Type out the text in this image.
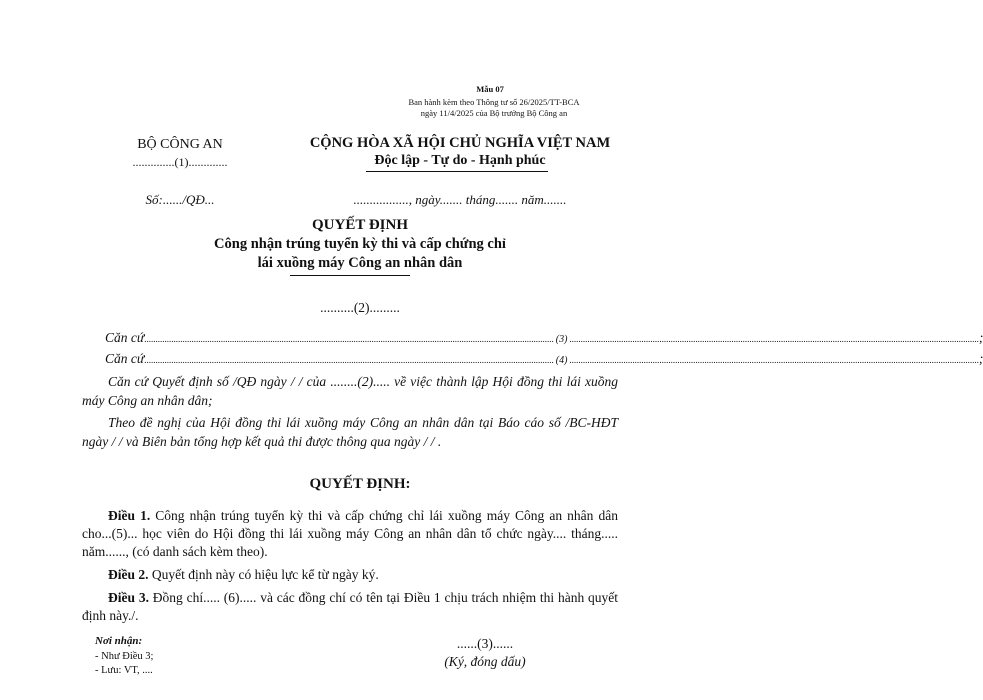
Mẫu 07
Ban hành kèm theo Thông tư số 26/2025/TT-BCA
ngày 11/4/2025 của Bộ trưởng Bộ Công an
BỘ CÔNG AN
..............(1).............
CỘNG HÒA XÃ HỘI CHỦ NGHĨA VIỆT NAM
Độc lập - Tự do - Hạnh phúc
Số:....../QĐ...	................., ngày....... tháng....... năm.......
QUYẾT ĐỊNH
Công nhận trúng tuyển kỳ thi và cấp chứng chỉ
lái xuồng máy Công an nhân dân
..........(2).........
Căn cứ ...................................................................................................................................................................................... (3) ...................................................................................................................................................................................... ;
Căn cứ ...................................................................................................................................................................................... (4) ...................................................................................................................................................................................... ;
Căn cứ Quyết định số /QĐ ngày / / của ........(2)..... về việc thành lập Hội đồng thi lái xuồng máy Công an nhân dân;
Theo đề nghị của Hội đồng thi lái xuồng máy Công an nhân dân tại Báo cáo số /BC-HĐT ngày / / và Biên bản tổng hợp kết quả thi được thông qua ngày / / .
QUYẾT ĐỊNH:
Điều 1. Công nhận trúng tuyển kỳ thi và cấp chứng chỉ lái xuồng máy Công an nhân dân cho...(5)... học viên do Hội đồng thi lái xuồng máy Công an nhân dân tổ chức ngày.... tháng..... năm......, (có danh sách kèm theo).
Điều 2. Quyết định này có hiệu lực kể từ ngày ký.
Điều 3. Đồng chí..... (6)..... và các đồng chí có tên tại Điều 1 chịu trách nhiệm thi hành quyết định này./.
Nơi nhận:
- Như Điều 3;
- Lưu: VT, ....
......(3)......
(Ký, đóng dấu)
